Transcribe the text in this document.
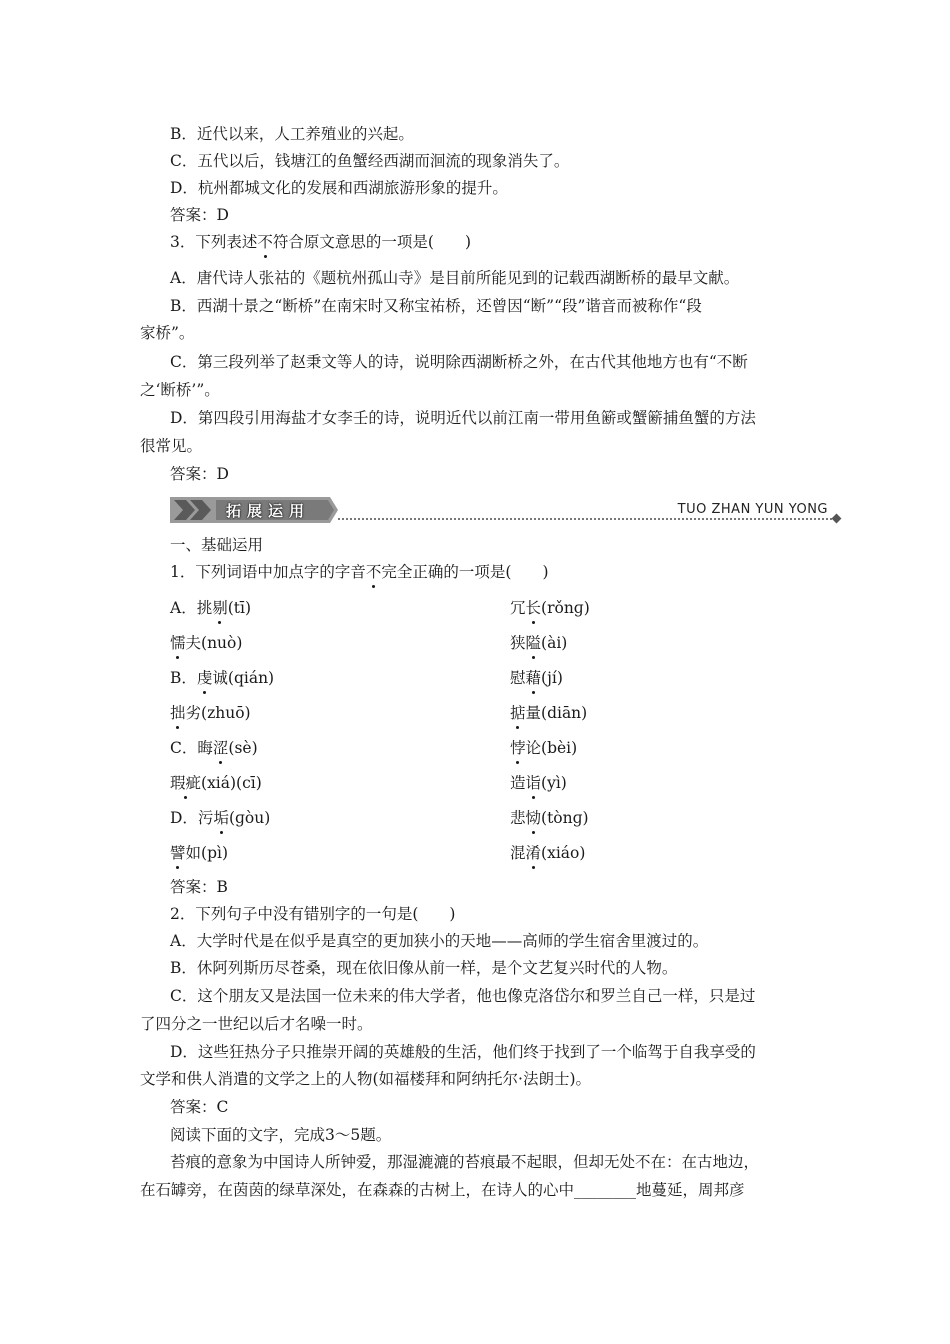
B．近代以来，人工养殖业的兴起。
C．五代以后，钱塘江的鱼蟹经西湖而洄流的现象消失了。
D．杭州都城文化的发展和西湖旅游形象的提升。
答案：D
3．下列表述不符合原文意思的一项是(　　)
A．唐代诗人张祜的《题杭州孤山寺》是目前所能见到的记载西湖断桥的最早文献。
B．西湖十景之“断桥”在南宋时又称宝祐桥，还曾因“断”“段”谐音而被称作“段
家桥”。
C．第三段列举了赵秉文等人的诗，说明除西湖断桥之外，在古代其他地方也有“不断
之‘断桥’”。
D．第四段引用海盐才女李壬的诗，说明近代以前江南一带用鱼簖或蟹簖捕鱼蟹的方法
很常见。
答案：D
拓展运用	TUO ZHAN YUN YONG
一、基础运用
1．下列词语中加点字的字音不完全正确的一项是(　　)
A．挑剔(tī)	冗长(rǒnɡ)
懦夫(nuò)	狭隘(ài)
B．虔诚(qián)	慰藉(jí)
拙劣(zhuō)	掂量(diān)
C．晦涩(sè)	悖论(bèi)
瑕疵(xiá)(cī)	造诣(yì)
D．污垢(ɡòu)	悲恸(tònɡ)
譬如(pì)	混淆(xiáo)
答案：B
2．下列句子中没有错别字的一句是(　　)
A．大学时代是在似乎是真空的更加狭小的天地——高师的学生宿舍里渡过的。
B．休阿列斯历尽苍桑，现在依旧像从前一样，是个文艺复兴时代的人物。
C．这个朋友又是法国一位未来的伟大学者，他也像克洛岱尔和罗兰自己一样，只是过
了四分之一世纪以后才名噪一时。
D．这些狂热分子只推崇开阔的英雄般的生活，他们终于找到了一个临驾于自我享受的
文学和供人消遣的文学之上的人物(如福楼拜和阿纳托尔·法朗士)。
答案：C
阅读下面的文字，完成3～5题。
苔痕的意象为中国诗人所钟爱，那湿漉漉的苔痕最不起眼，但却无处不在：在古地边，
在石罅旁，在茵茵的绿草深处，在森森的古树上，在诗人的心中________地蔓延，周邦彦
